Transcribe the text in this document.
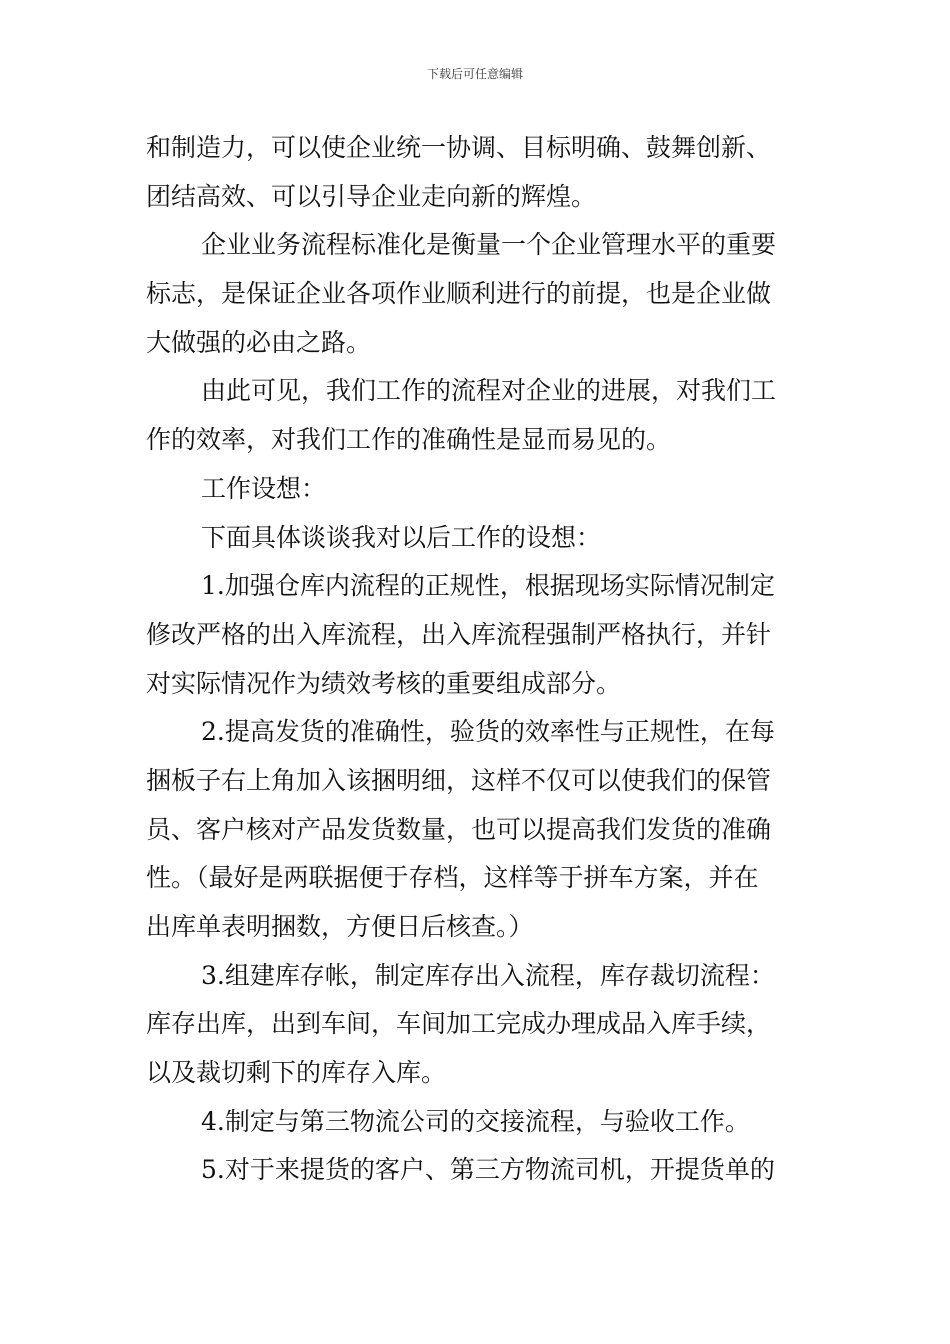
下载后可任意编辑
和制造力，可以使企业统一协调、目标明确、鼓舞创新、
团结高效、可以引导企业走向新的辉煌。
企业业务流程标准化是衡量一个企业管理水平的重要
标志，是保证企业各项作业顺利进行的前提，也是企业做
大做强的必由之路。
由此可见，我们工作的流程对企业的进展，对我们工
作的效率，对我们工作的准确性是显而易见的。
工作设想：
下面具体谈谈我对以后工作的设想：
1.加强仓库内流程的正规性，根据现场实际情况制定
修改严格的出入库流程，出入库流程强制严格执行，并针
对实际情况作为绩效考核的重要组成部分。
2.提高发货的准确性，验货的效率性与正规性，在每
捆板子右上角加入该捆明细，这样不仅可以使我们的保管
员、客户核对产品发货数量，也可以提高我们发货的准确
性。（最好是两联据便于存档，这样等于拼车方案，并在
出库单表明捆数，方便日后核查。）
3.组建库存帐，制定库存出入流程，库存裁切流程：
库存出库，出到车间，车间加工完成办理成品入库手续，
以及裁切剩下的库存入库。
4.制定与第三物流公司的交接流程，与验收工作。
5.对于来提货的客户、第三方物流司机，开提货单的
